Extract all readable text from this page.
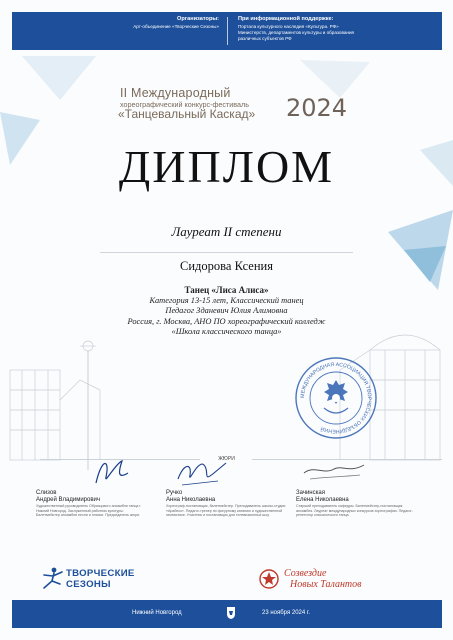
Организаторы:
Арт-объединение «Творческие Сезоны»
При информационной поддержке:
Портала культурного наследия «Культура. РФ»
Министерств, департаментов культуры и образования
различных субъектов РФ
II Международный
хореографический конкурс-фестиваль
«Танцевальный Каскад» 2024
ДИПЛОМ
Лауреат II степени
Сидорова Ксения
Танец «Лиса Алиса»
Категория 13-15 лет, Классический танец
Педагог Зданевич Юлия Алимовна
Россия, г. Москва, АНО ПО хореографический колледж
«Школа классического танца»
МЕЖДУНАРОДНАЯ АССОЦИАЦИЯ ТВОРЧЕСКИХ ОБЪЕДИНЕНИЙ
ЖЮРИ
Слизов
Андрей Владимирович
Художественный руководитель Образцового ансамбля танца г. Нижний Новгород. Заслуженный работник культуры. Балетмейстер ансамбля песни и пляски. Председатель жюри.
Ручко
Анна Николаевна
Хореограф-постановщик, балетмейстер. Преподаватель школы-студии «Арабеск». Педагог-тренер по фигурному катанию и художественной гимнастике. Участник и постановщик для телевизионных шоу.
Зачинская
Елена Николаевна
Старший преподаватель кафедры. Балетмейстер-постановщик ансамбля. Лауреат международных конкурсов хореографии. Педагог-репетитор классического танца.
ТВОРЧЕСКИЕ
СЕЗОНЫ
Созвездие
Новых Талантов
Нижний Новгород	23 ноября 2024 г.
